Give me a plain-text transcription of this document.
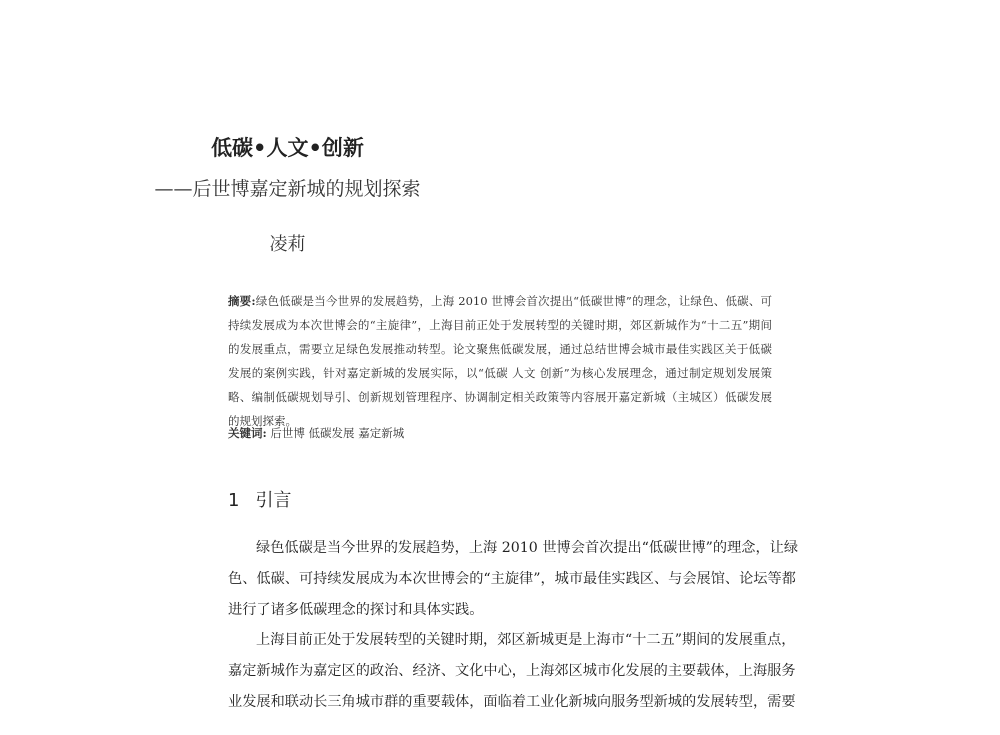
低碳•人文•创新
——后世博嘉定新城的规划探索
凌莉
摘要:绿色低碳是当今世界的发展趋势，上海 2010 世博会首次提出“低碳世博”的理念，让绿色、低碳、可
持续发展成为本次世博会的“主旋律”，上海目前正处于发展转型的关键时期，郊区新城作为“十二五”期间
的发展重点，需要立足绿色发展推动转型。论文聚焦低碳发展，通过总结世博会城市最佳实践区关于低碳
发展的案例实践，针对嘉定新城的发展实际，以“低碳 人文 创新”为核心发展理念，通过制定规划发展策
略、编制低碳规划导引、创新规划管理程序、协调制定相关政策等内容展开嘉定新城（主城区）低碳发展
的规划探索。
关键词: 后世博 低碳发展 嘉定新城
1 引言
绿色低碳是当今世界的发展趋势，上海 2010 世博会首次提出“低碳世博”的理念，让绿
色、低碳、可持续发展成为本次世博会的“主旋律”，城市最佳实践区、与会展馆、论坛等都
进行了诸多低碳理念的探讨和具体实践。
上海目前正处于发展转型的关键时期，郊区新城更是上海市“十二五”期间的发展重点，
嘉定新城作为嘉定区的政治、经济、文化中心，上海郊区城市化发展的主要载体，上海服务
业发展和联动长三角城市群的重要载体，面临着工业化新城向服务型新城的发展转型，需要
